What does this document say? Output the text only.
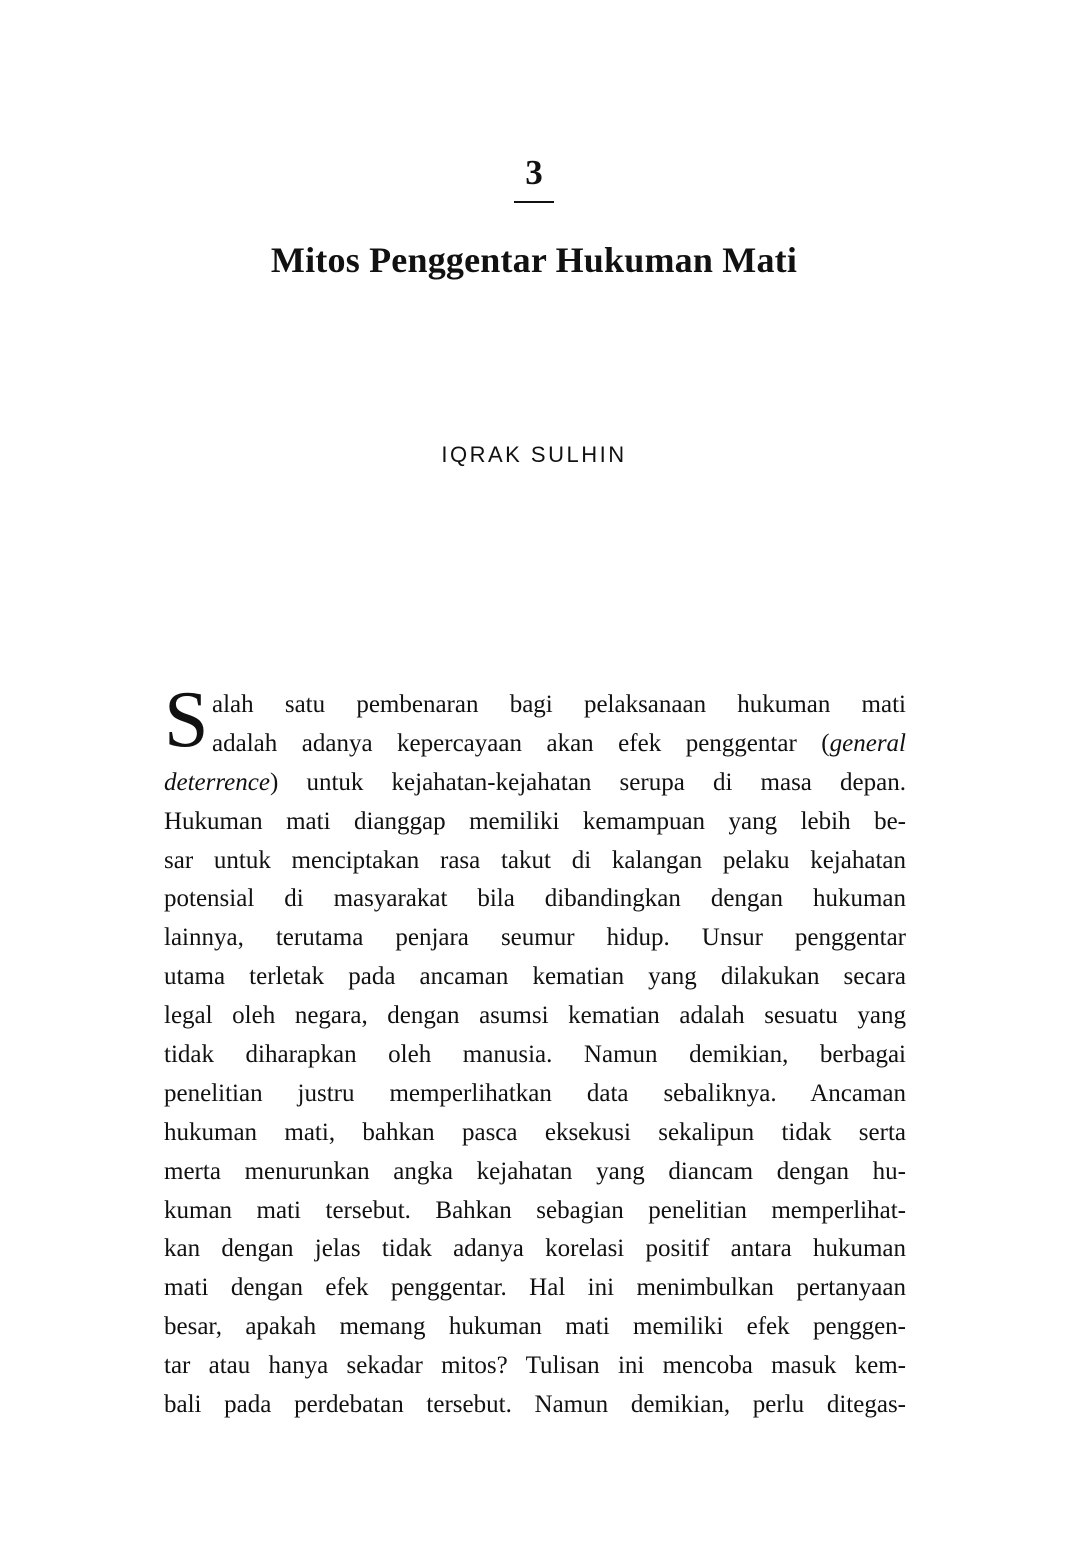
3
Mitos Penggentar Hukuman Mati
IQRAK SULHIN
S alah satu pembenaran bagi pelaksanaan hukuman mati
adalah adanya kepercayaan akan efek penggentar (general
deterrence) untuk kejahatan-kejahatan serupa di masa depan.
Hukuman mati dianggap memiliki kemampuan yang lebih be-
sar untuk menciptakan rasa takut di kalangan pelaku kejahatan
potensial di masyarakat bila dibandingkan dengan hukuman
lainnya, terutama penjara seumur hidup. Unsur penggentar
utama terletak pada ancaman kematian yang dilakukan secara
legal oleh negara, dengan asumsi kematian adalah sesuatu yang
tidak diharapkan oleh manusia. Namun demikian, berbagai
penelitian justru memperlihatkan data sebaliknya. Ancaman
hukuman mati, bahkan pasca eksekusi sekalipun tidak serta
merta menurunkan angka kejahatan yang diancam dengan hu-
kuman mati tersebut. Bahkan sebagian penelitian memperlihat-
kan dengan jelas tidak adanya korelasi positif antara hukuman
mati dengan efek penggentar. Hal ini menimbulkan pertanyaan
besar, apakah memang hukuman mati memiliki efek penggen-
tar atau hanya sekadar mitos? Tulisan ini mencoba masuk kem-
bali pada perdebatan tersebut. Namun demikian, perlu ditegas-
